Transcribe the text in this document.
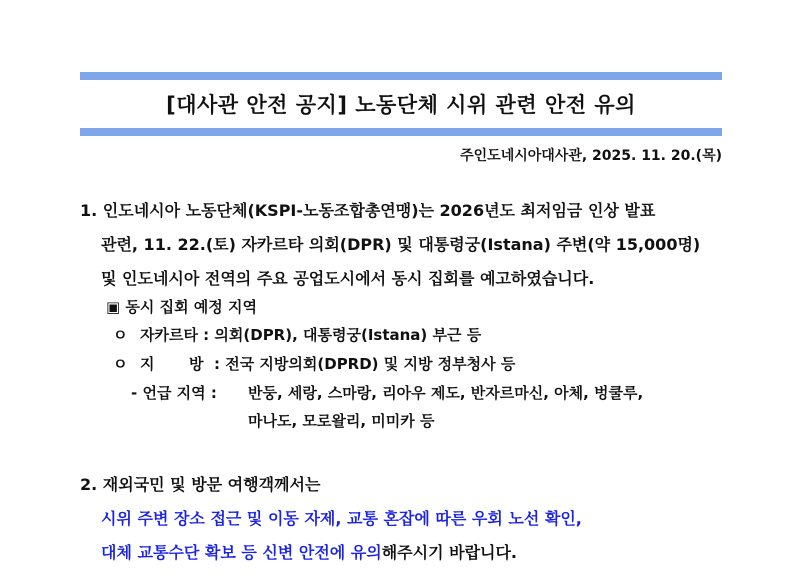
[대사관 안전 공지] 노동단체 시위 관련 안전 유의
주인도네시아대사관, 2025. 11. 20.(목)
1. 인도네시아 노동단체(KSPI-노동조합총연맹)는 2026년도 최저임금 인상 발표
관련, 11. 22.(토) 자카르타 의회(DPR) 및 대통령궁(Istana) 주변(약 15,000명)
및 인도네시아 전역의 주요 공업도시에서 동시 집회를 예고하였습니다.
▣ 동시 집회 예정 지역
ㅇ 자카르타 : 의회(DPR), 대통령궁(Istana) 부근 등
ㅇ 지 방 : 전국 지방의회(DPRD) 및 지방 정부청사 등
- 언급 지역 : 반둥, 세랑, 스마랑, 리아우 제도, 반자르마신, 아체, 벙쿨루,
마나도, 모로왈리, 미미카 등
2. 재외국민 및 방문 여행객께서는
시위 주변 장소 접근 및 이동 자제, 교통 혼잡에 따른 우회 노선 확인,
대체 교통수단 확보 등 신변 안전에 유의해주시기 바랍니다.
